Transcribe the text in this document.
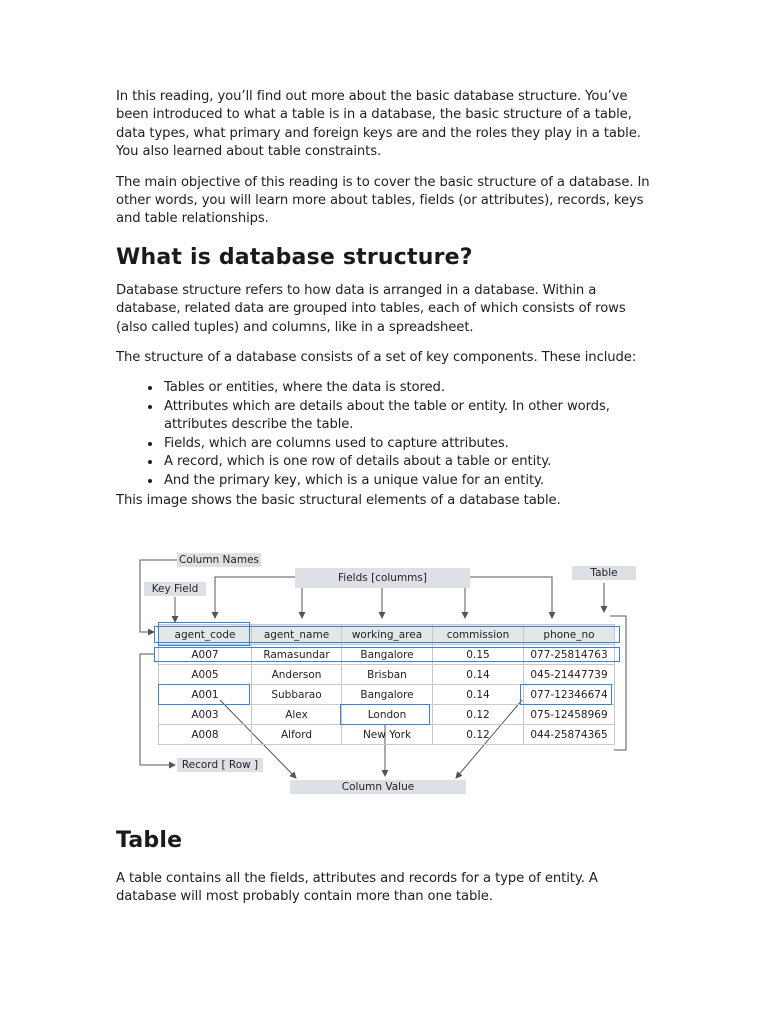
In this reading, you’ll find out more about the basic database structure. You’ve been introduced to what a table is in a database, the basic structure of a table, data types, what primary and foreign keys are and the roles they play in a table. You also learned about table constraints.

The main objective of this reading is to cover the basic structure of a database. In other words, you will learn more about tables, fields (or attributes), records, keys and table relationships.

What is database structure?

Database structure refers to how data is arranged in a database. Within a database, related data are grouped into tables, each of which consists of rows (also called tuples) and columns, like in a spreadsheet.

The structure of a database consists of a set of key components. These include:

• Tables or entities, where the data is stored.
• Attributes which are details about the table or entity. In other words, attributes describe the table.
• Fields, which are columns used to capture attributes.
• A record, which is one row of details about a table or entity.
• And the primary key, which is a unique value for an entity.

This image shows the basic structural elements of a database table.

Column Names
Key Field
Fields [columms]	Table
Record [ Row ]
Column Value
agent_code	agent_name	working_area	commission	phone_no
A007	Ramasundar	Bangalore	0.15	077-25814763
A005	Anderson	Brisban	0.14	045-21447739
A001	Subbarao	Bangalore	0.14	077-12346674
A003	Alex	London	0.12	075-12458969
A008	Alford	New York	0.12	044-25874365
Table

A table contains all the fields, attributes and records for a type of entity. A database will most probably contain more than one table.
